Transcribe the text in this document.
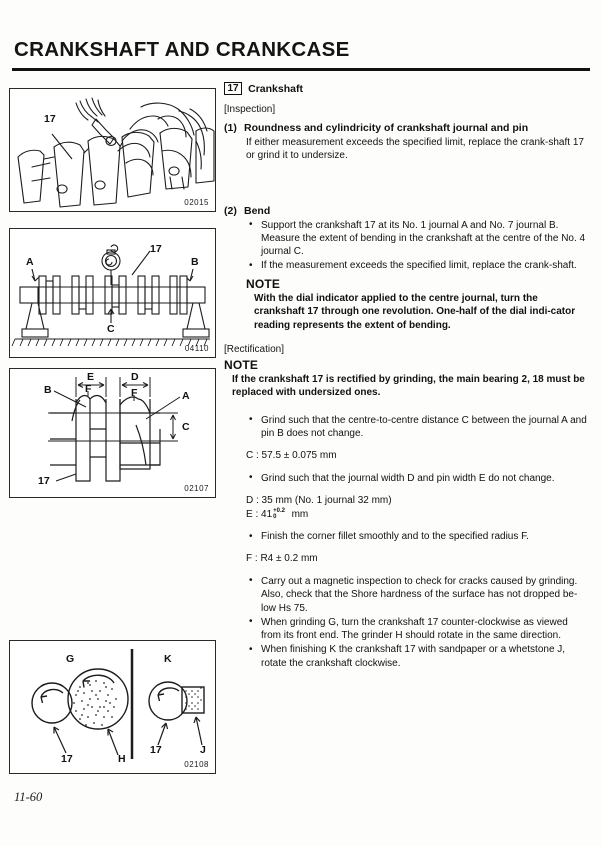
CRANKSHAFT AND CRANKCASE
17
02015
17
A	B
C
04110
E	D
F	F
B	A
C
17
02107
G	K
H
J
17
17
02108
17 Crankshaft
[Inspection]
(1) Roundness and cylindricity of crankshaft journal and pin

If either measurement exceeds the specified limit, replace the crank-shaft 17 or grind it to undersize.

(2) Bend
• Support the crankshaft 17 at its No. 1 journal A and No. 7 journal B. Measure the extent of bending in the crankshaft at the centre of the No. 4 journal C.
• If the measurement exceeds the specified limit, replace the crank-shaft.
NOTE
With the dial indicator applied to the centre journal, turn the crankshaft 17 through one revolution. One-half of the dial indi-cator reading represents the extent of bending.
[Rectification]
NOTE
If the crankshaft 17 is rectified by grinding, the main bearing 2, 18 must be replaced with undersized ones.
• Grind such that the centre-to-centre distance C between the journal A and pin B does not change.
C : 57.5 ± 0.075 mm
• Grind such that the journal width D and pin width E do not change.
D : 35 mm (No. 1 journal 32 mm)
E : 41 +0.2
0	mm
• Finish the corner fillet smoothly and to the specified radius F.
F : R4 ± 0.2 mm
• Carry out a magnetic inspection to check for cracks caused by grinding. Also, check that the Shore hardness of the surface has not dropped be-low Hs 75.
• When grinding G, turn the crankshaft 17 counter-clockwise as viewed from its front end. The grinder H should rotate in the same direction.
• When finishing K the crankshaft 17 with sandpaper or a whetstone J, rotate the crankshaft clockwise.
11-60
